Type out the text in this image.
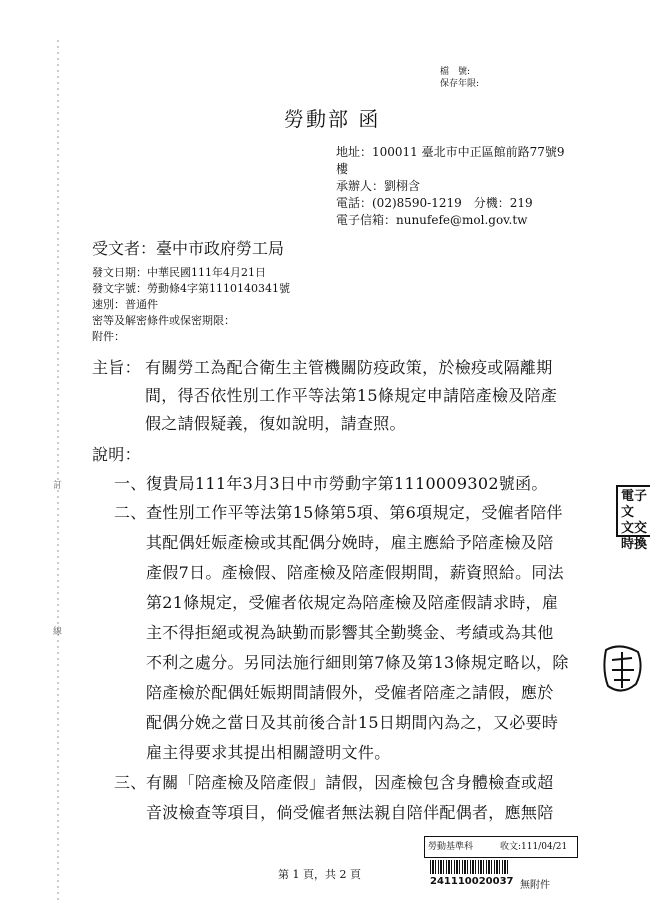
檔　號:
保存年限:
勞動部 函
地址：100011 臺北市中正區館前路77號9
樓
承辦人：劉栩含
電話：(02)8590-1219　分機：219
電子信箱：nunufefe@mol.gov.tw
受文者：臺中市政府勞工局
發文日期：中華民國111年4月21日
發文字號：勞動條4字第1110140341號
速別：普通件
密等及解密條件或保密期限：
附件：
主旨： 有關勞工為配合衛生主管機關防疫政策，於檢疫或隔離期
間，得否依性別工作平等法第15條規定申請陪產檢及陪產
假之請假疑義，復如說明，請查照。
說明：
一、 復貴局111年3月3日中市勞動字第1110009302號函。
二、 查性別工作平等法第15條第5項、第6項規定，受僱者陪伴
其配偶妊娠產檢或其配偶分娩時，雇主應給予陪產檢及陪
產假7日。產檢假、陪產檢及陪產假期間，薪資照給。同法
第21條規定，受僱者依規定為陪產檢及陪產假請求時，雇
主不得拒絕或視為缺勤而影響其全勤獎金、考績或為其他
不利之處分。另同法施行細則第7條及第13條規定略以，除
陪產檢於配偶妊娠期間請假外，受僱者陪產之請假，應於
配偶分娩之當日及其前後合計15日期間內為之，又必要時
雇主得要求其提出相關證明文件。
三、 有關「陪產檢及陪產假」請假，因產檢包含身體檢查或超
音波檢查等項目，倘受僱者無法親自陪伴配偶者，應無陪
訂
線
電子文
文交
時換
勞動基準科	收文:111/04/21
241110020037 無附件
第 1 頁，共 2 頁
